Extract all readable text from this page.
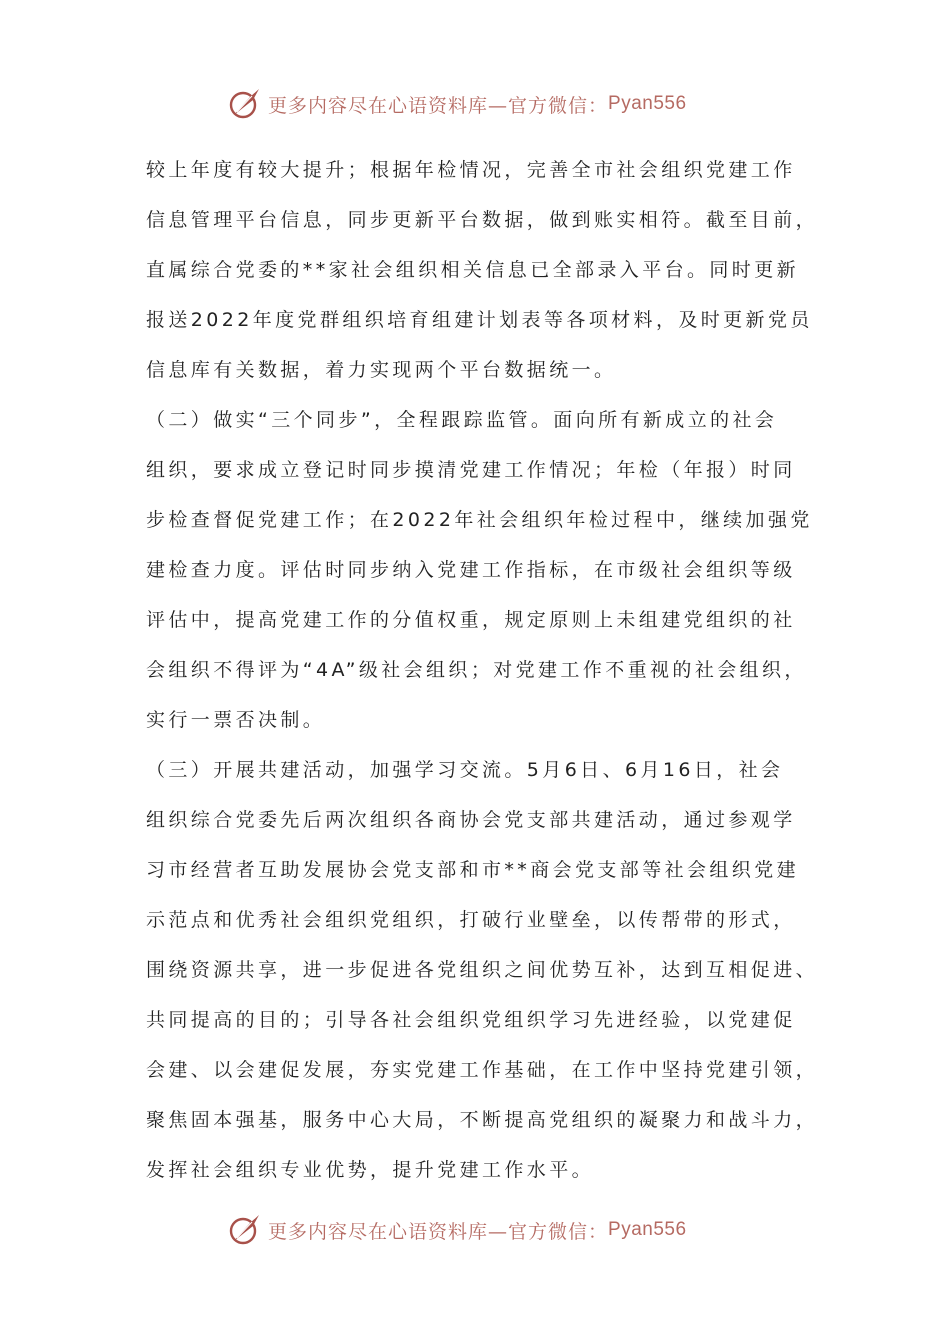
更多内容尽在心语资料库—官方微信： Pyan556
较上年度有较大提升；根据年检情况，完善全市社会组织党建工作
信息管理平台信息，同步更新平台数据，做到账实相符。截至目前，
直属综合党委的**家社会组织相关信息已全部录入平台。同时更新
报送2022年度党群组织培育组建计划表等各项材料，及时更新党员
信息库有关数据，着力实现两个平台数据统一。
（二）做实“三个同步”，全程跟踪监管。面向所有新成立的社会
组织，要求成立登记时同步摸清党建工作情况；年检（年报）时同
步检查督促党建工作；在2022年社会组织年检过程中，继续加强党
建检查力度。评估时同步纳入党建工作指标，在市级社会组织等级
评估中，提高党建工作的分值权重，规定原则上未组建党组织的社
会组织不得评为“4A”级社会组织；对党建工作不重视的社会组织，
实行一票否决制。
（三）开展共建活动，加强学习交流。5月6日、6月16日，社会
组织综合党委先后两次组织各商协会党支部共建活动，通过参观学
习市经营者互助发展协会党支部和市**商会党支部等社会组织党建
示范点和优秀社会组织党组织，打破行业壁垒，以传帮带的形式，
围绕资源共享，进一步促进各党组织之间优势互补，达到互相促进、
共同提高的目的；引导各社会组织党组织学习先进经验，以党建促
会建、以会建促发展，夯实党建工作基础，在工作中坚持党建引领，
聚焦固本强基，服务中心大局，不断提高党组织的凝聚力和战斗力，
发挥社会组织专业优势，提升党建工作水平。
更多内容尽在心语资料库—官方微信： Pyan556
